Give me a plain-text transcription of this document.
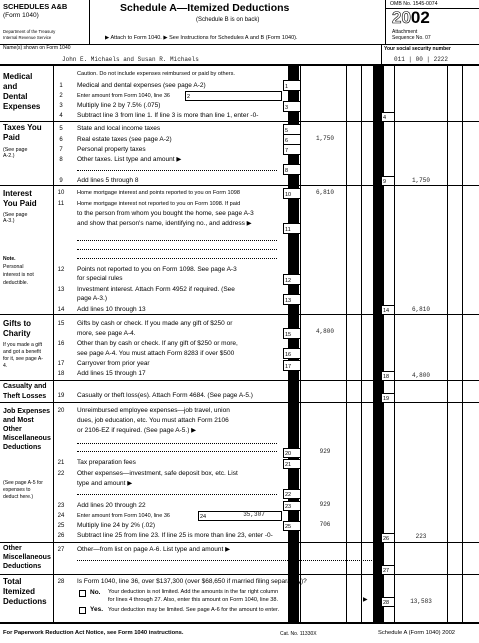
SCHEDULES A&B
(Form 1040)
Department of the Treasury
Internal Revenue Service
Schedule A—Itemized Deductions
(Schedule B is on back)
▶ Attach to Form 1040. ▶ See Instructions for Schedules A and B (Form 1040).
OMB No. 1545-0074
2002
Attachment
Sequence No. 07
Name(s) shown on Form 1040
John E. Michaels and Susan R. Michaels
Your social security number
011 | 00 | 2222
Medical
and
Dental
Expenses
Caution. Do not include expenses reimbursed or paid by others.
1	Medical and dental expenses (see page A-2)	1
2	Enter amount from Form 1040, line 36	2
3	Multiply line 2 by 7.5% (.075)	3
4	Subtract line 3 from line 1. If line 3 is more than line 1, enter -0-	4
Taxes You
Paid
(See page A-2.)
5	State and local income taxes	5
6	Real estate taxes (see page A-2)	6	1,750
7	Personal property taxes	7
8	Other taxes. List type and amount ▶
8
9	Add lines 5 through 8	9	1,750
Interest
You Paid
(See page A-3.)
10 Home mortgage interest and points reported to you on Form 1098	10	6,810
11	Home mortgage interest not reported to you on Form 1098. If paid
to the person from whom you bought the home, see page A-3
and show that person's name, identifying no., and address ▶
11
Note.
Personal interest is not deductible.
12 Points not reported to you on Form 1098. See page A-3
for special rules	12
13 Investment interest. Attach Form 4952 if required. (See
page A-3.)	13
14 Add lines 10 through 13	14	6,810
Gifts to
Charity
If you made a gift and got a benefit for it, see page A-4.
15 Gifts by cash or check. If you made any gift of $250 or
more, see page A-4.	15	4,800
16 Other than by cash or check. If any gift of $250 or more,
see page A-4. You must attach Form 8283 if over $500	16
17 Carryover from prior year	17
18 Add lines 15 through 17	18	4,800
Casualty and
Theft Losses 19 Casualty or theft loss(es). Attach Form 4684. (See page A-5.)	19
Job Expenses
and Most
Other
Miscellaneous
Deductions
(See page A-5 for expenses to deduct here.)
20 Unreimbursed employee expenses—job travel, union
dues, job education, etc. You must attach Form 2106
or 2106-EZ if required. (See page A-5.) ▶
20	929
21 Tax preparation fees	21
22 Other expenses—investment, safe deposit box, etc. List
type and amount ▶
22
23 Add lines 20 through 22	23	929
24	Enter amount from Form 1040, line 36	24	35,307
25 Multiply line 24 by 2% (.02)	25	706
26 Subtract line 25 from line 23. If line 25 is more than line 23, enter -0-	26	223
Other
Miscellaneous
Deductions
27 Other—from list on page A-6. List type and amount ▶
27
Total
Itemized
Deductions
28 Is Form 1040, line 36, over $137,300 (over $68,650 if married filing separately)?
No. Your deduction is not limited. Add the amounts in the far right column
for lines 4 through 27. Also, enter this amount on Form 1040, line 38.	▶
Yes. Your deduction may be limited. See page A-6 for the amount to enter.
28	13,583
For Paperwork Reduction Act Notice, see Form 1040 instructions.	Cat. No. 11330X	Schedule A (Form 1040) 2002
